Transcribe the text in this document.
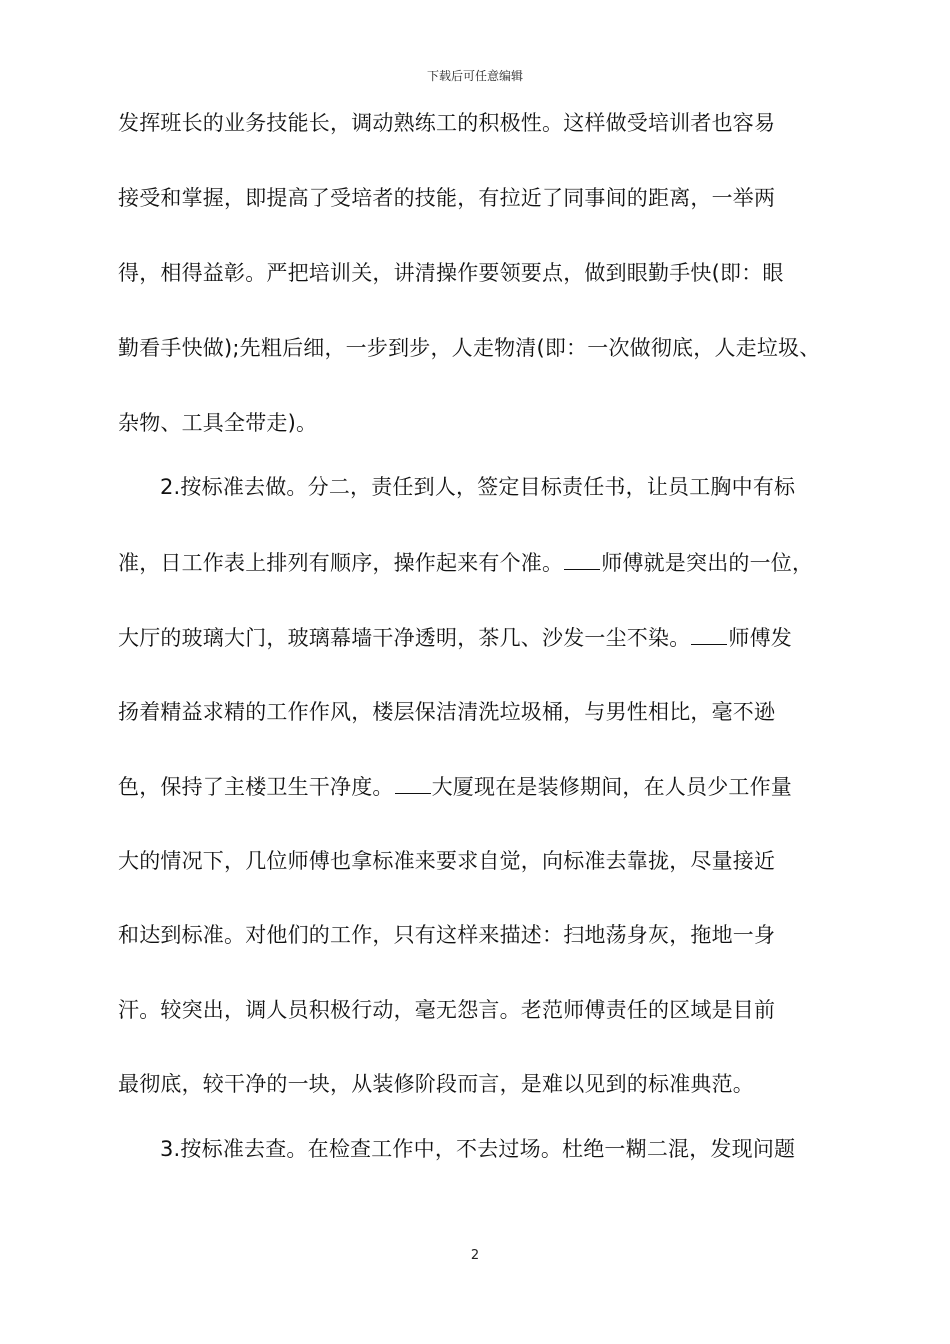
下载后可任意编辑
发挥班长的业务技能长，调动熟练工的积极性。这样做受培训者也容易
接受和掌握，即提高了受培者的技能，有拉近了同事间的距离，一举两
得，相得益彰。严把培训关，讲清操作要领要点，做到眼勤手快(即：眼
勤看手快做);先粗后细，一步到步，人走物清(即：一次做彻底，人走垃圾、
杂物、工具全带走)。
2.按标准去做。分二，责任到人，签定目标责任书，让员工胸中有标
准，日工作表上排列有顺序，操作起来有个准。 师傅就是突出的一位，
大厅的玻璃大门，玻璃幕墙干净透明，茶几、沙发一尘不染。 师傅发
扬着精益求精的工作作风，楼层保洁清洗垃圾桶，与男性相比，毫不逊
色，保持了主楼卫生干净度。 大厦现在是装修期间，在人员少工作量
大的情况下，几位师傅也拿标准来要求自觉，向标准去靠拢，尽量接近
和达到标准。对他们的工作，只有这样来描述：扫地荡身灰，拖地一身
汗。较突出，调人员积极行动，毫无怨言。老范师傅责任的区域是目前
最彻底，较干净的一块，从装修阶段而言，是难以见到的标准典范。
3.按标准去查。在检查工作中，不去过场。杜绝一糊二混，发现问题
2
